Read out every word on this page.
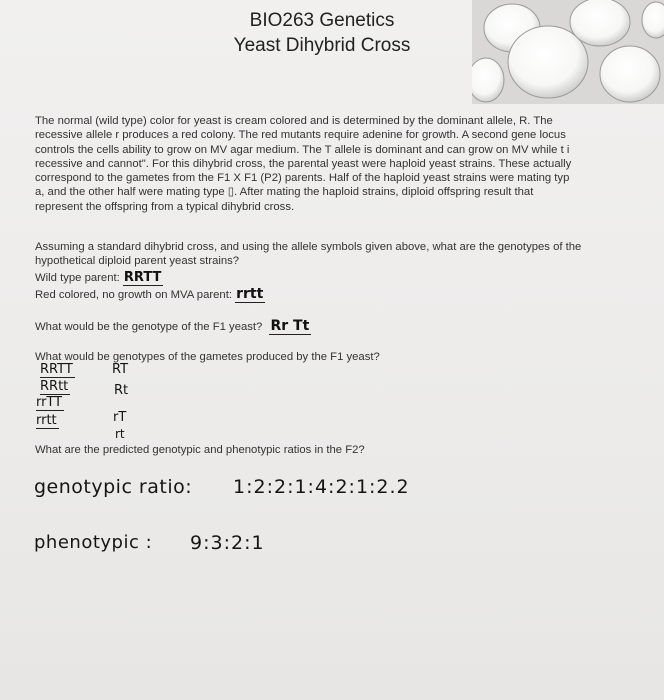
BIO263 Genetics
Yeast Dihybrid Cross
The normal (wild type) color for yeast is cream colored and is determined by the dominant allele, R. The
recessive allele r produces a red colony. The red mutants require adenine for growth. A second gene locus
controls the cells ability to grow on MV agar medium. The T allele is dominant and can grow on MV while t i
recessive and cannot". For this dihybrid cross, the parental yeast were haploid yeast strains. These actually
correspond to the gametes from the F1 X F1 (P2) parents. Half of the haploid yeast strains were mating typ
a, and the other half were mating type ▯. After mating the haploid strains, diploid offspring result that
represent the offspring from a typical dihybrid cross.
Assuming a standard dihybrid cross, and using the allele symbols given above, what are the genotypes of the
hypothetical diploid parent yeast strains?
Wild type parent: RRTT
Red colored, no growth on MVA parent: rrtt
What would be the genotype of the F1 yeast? Rr Tt
What would be genotypes of the gametes produced by the F1 yeast?
RRTT
RRtt
rrTT
rrtt
RT
Rt
rT
rt
What are the predicted genotypic and phenotypic ratios in the F2?
genotypic ratio: 1:2:2:1:4:2:1:2.2
phenotypic : 9:3:2:1
